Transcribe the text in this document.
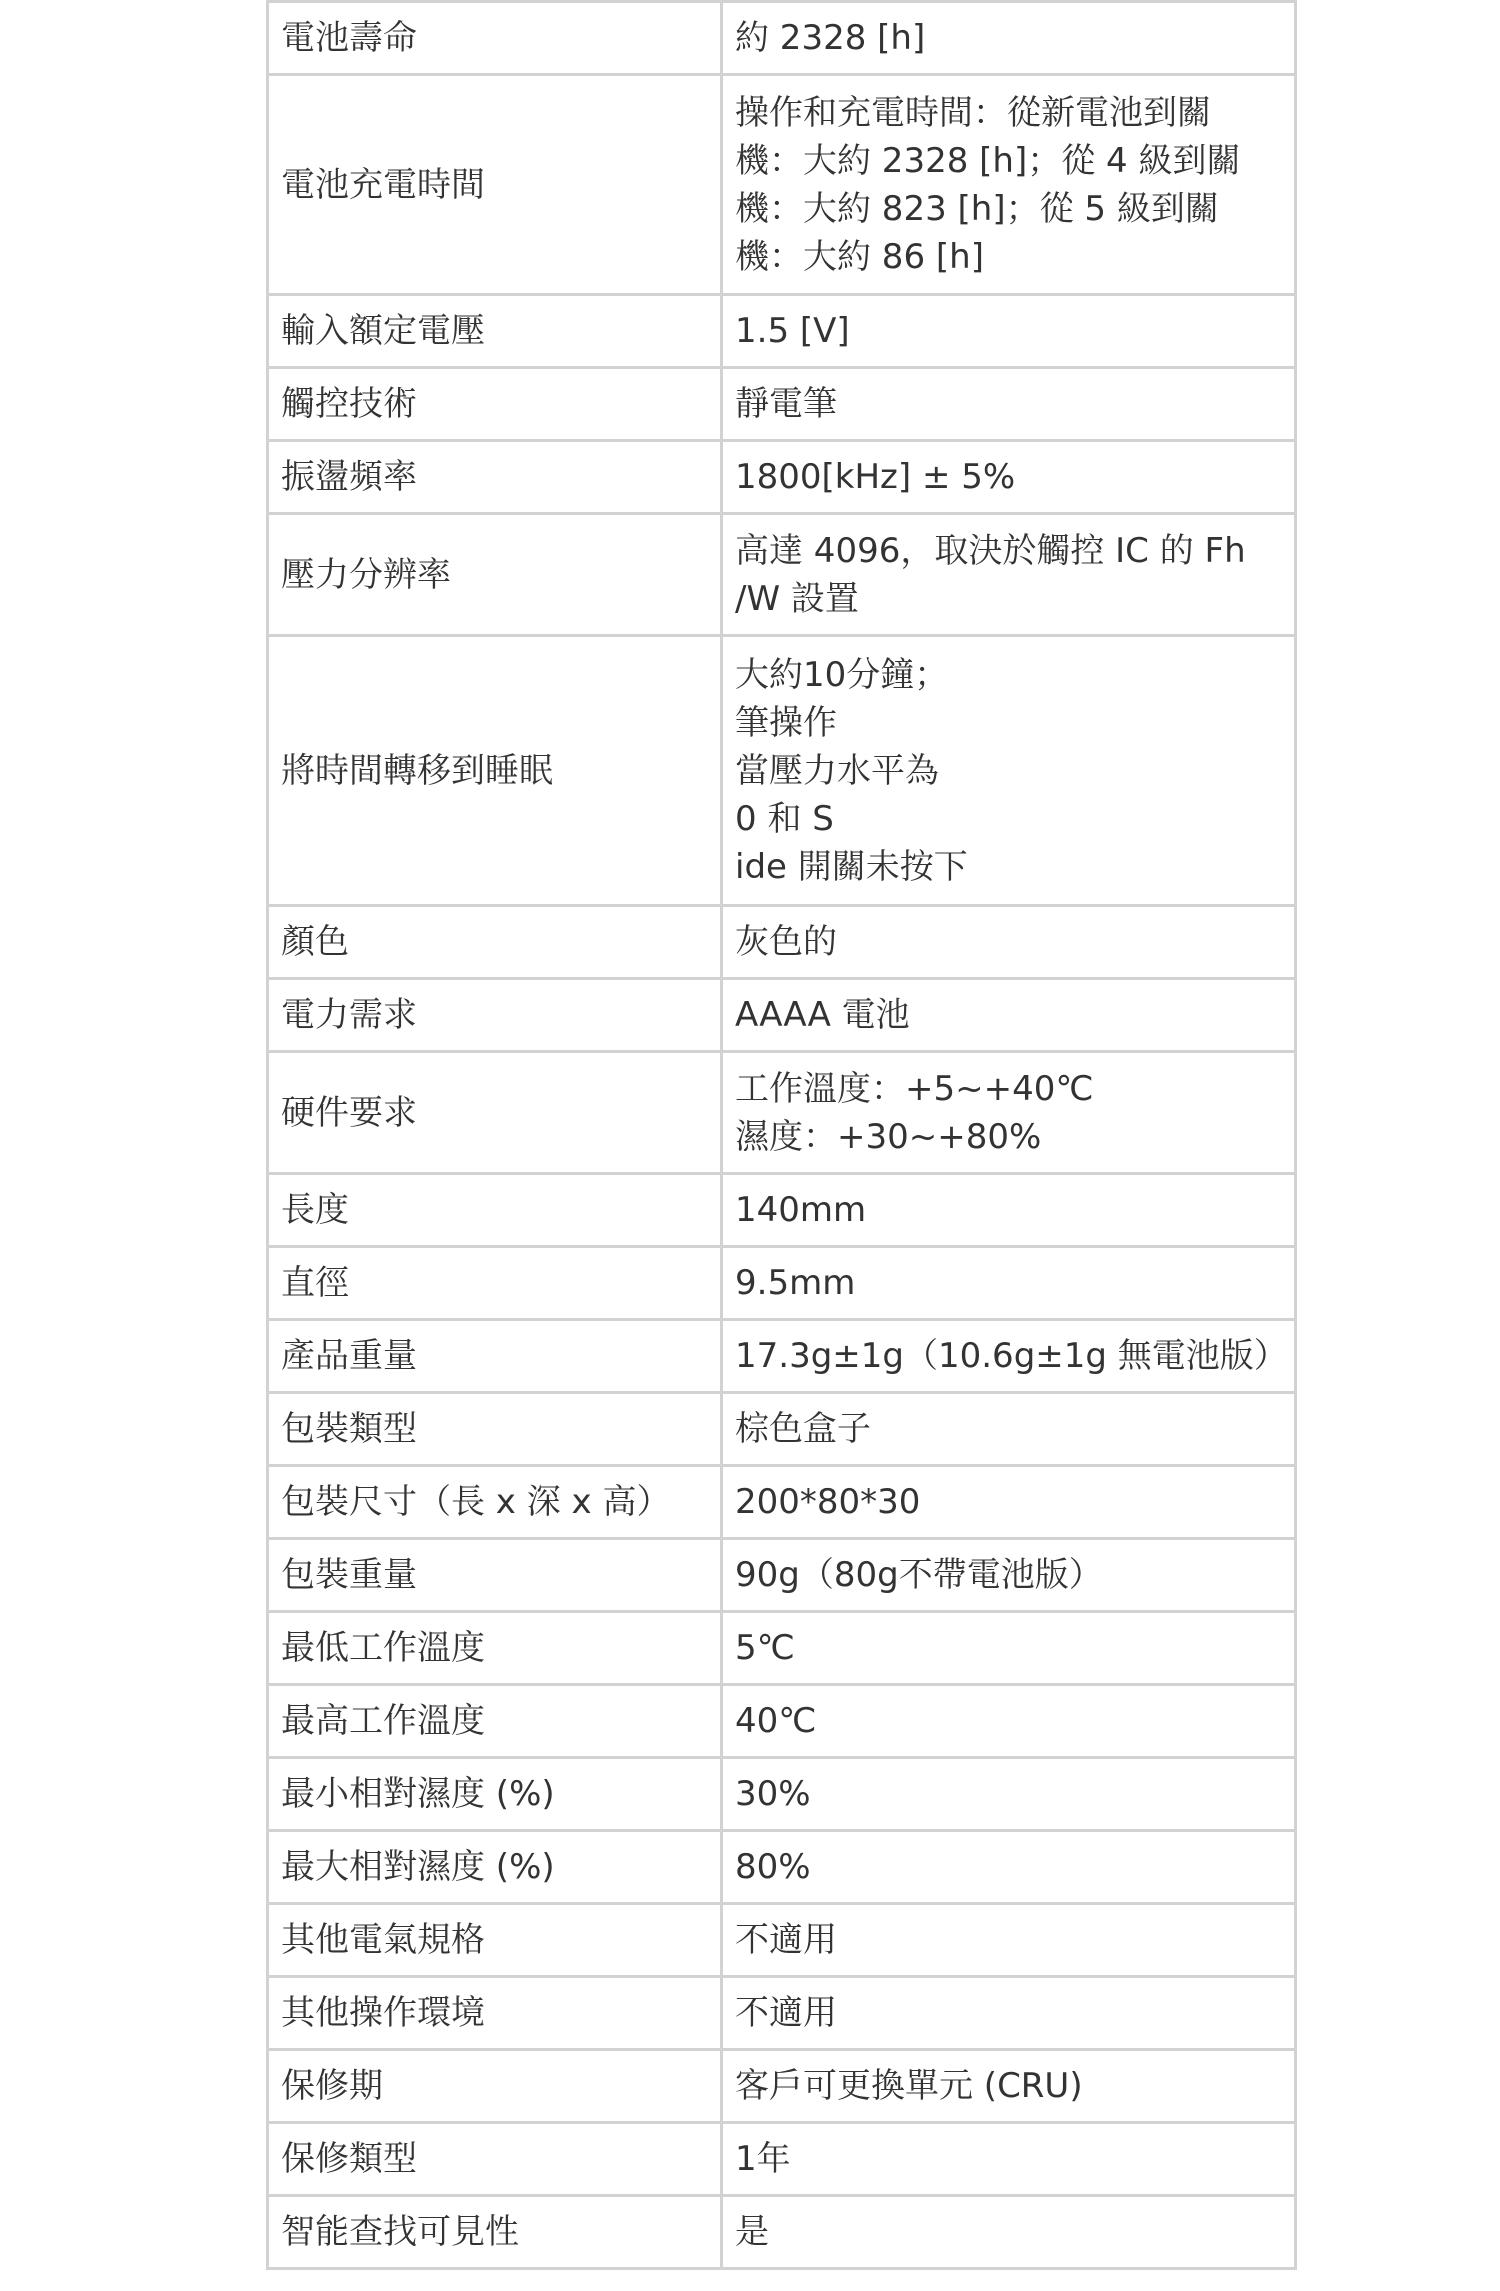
電池壽命	約 2328 [h]
電池充電時間	操作和充電時間：從新電池到關
機：大約 2328 [h]；從 4 級到關
機：大約 823 [h]；從 5 級到關
機：大約 86 [h]
輸入額定電壓	1.5 [V]
觸控技術	靜電筆
振盪頻率	1800[kHz] ± 5%
壓力分辨率	高達 4096，取決於觸控 IC 的 Fh
/W 設置
將時間轉移到睡眠	大約10分鐘；
筆操作
當壓力水平為
0 和 S
ide 開關未按下
顏色	灰色的
電力需求	AAAA 電池
硬件要求	工作溫度：+5~+40℃
濕度：+30~+80%
長度	140mm
直徑	9.5mm
產品重量	17.3g±1g（10.6g±1g 無電池版）
包裝類型	棕色盒子
包裝尺寸（長 x 深 x 高）	200*80*30
包裝重量	90g（80g不帶電池版）
最低工作溫度	5℃
最高工作溫度	40℃
最小相對濕度 (%)	30%
最大相對濕度 (%)	80%
其他電氣規格	不適用
其他操作環境	不適用
保修期	客戶可更換單元 (CRU)
保修類型	1年
智能查找可見性	是
